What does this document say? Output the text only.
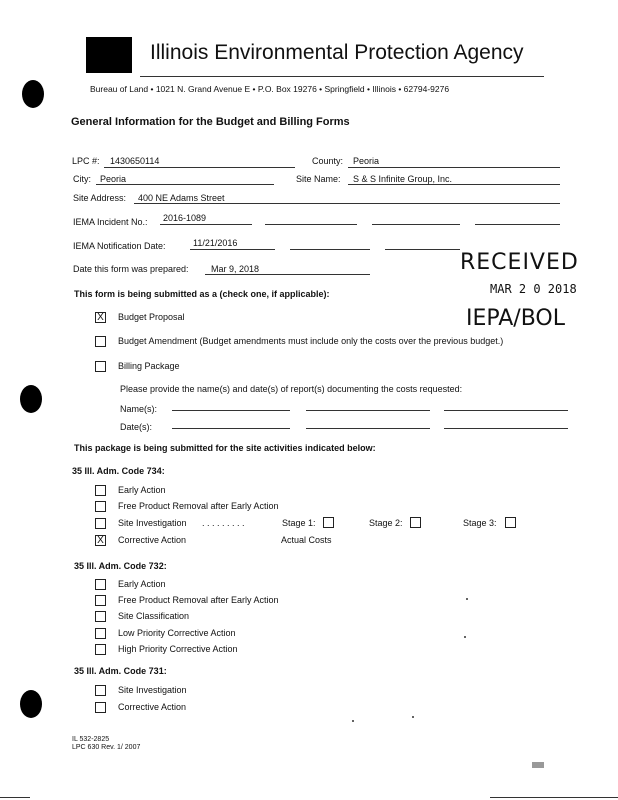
Illinois Environmental Protection Agency
Bureau of Land • 1021 N. Grand Avenue E • P.O. Box 19276 • Springfield • Illinois • 62794-9276
General Information for the Budget and Billing Forms
LPC #: 1430650114	County: Peoria
City: Peoria	Site Name: S & S Infinite Group, Inc.
Site Address: 400 NE Adams Street
IEMA Incident No.: 2016-1089
IEMA Notification Date:	11/21/2016
Date this form was prepared: Mar 9, 2018	RECEIVED
MAR 2 0 2018
IEPA/BOL
This form is being submitted as a (check one, if applicable):
X Budget Proposal
Budget Amendment (Budget amendments must include only the costs over the previous budget.)
Billing Package
Please provide the name(s) and date(s) of report(s) documenting the costs requested:
Name(s):
Date(s):
This package is being submitted for the site activities indicated below:
35 Ill. Adm. Code 734:
Early Action
Free Product Removal after Early Action
Site Investigation . . . . . . . . .	Stage 1:	Stage 2:	Stage 3:
X Corrective Action	Actual Costs
35 Ill. Adm. Code 732:
Early Action
Free Product Removal after Early Action
Site Classification
Low Priority Corrective Action
High Priority Corrective Action
35 Ill. Adm. Code 731:
Site Investigation
Corrective Action
IL 532-2825
LPC 630 Rev. 1/ 2007
